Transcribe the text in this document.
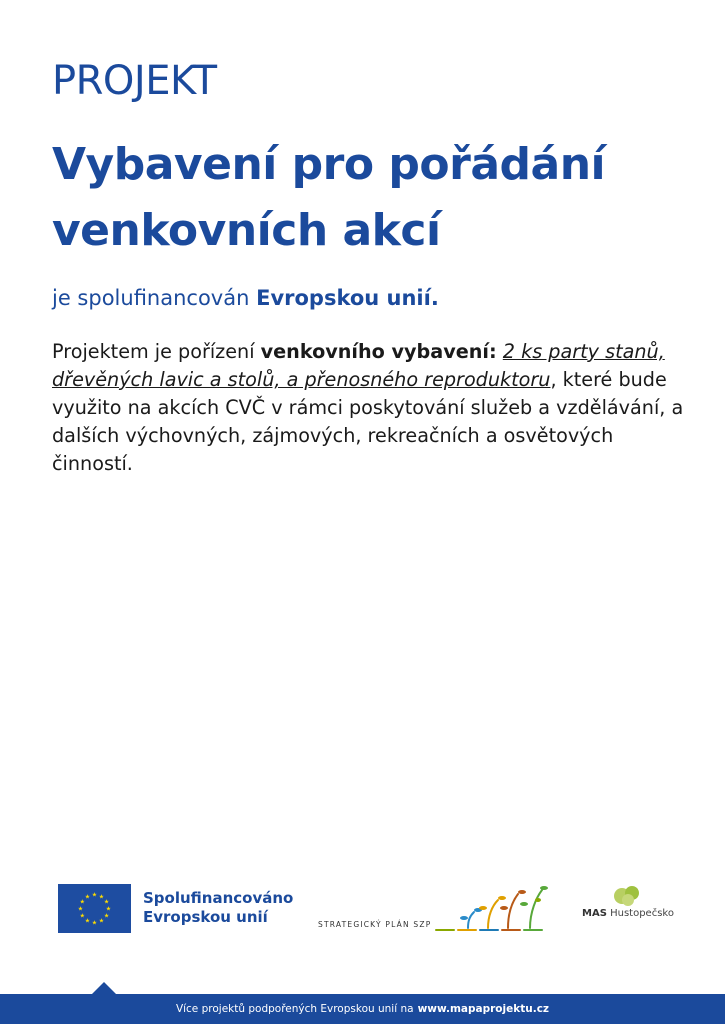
PROJEKT
Vybavení pro pořádání venkovních akcí
je spolufinancován Evropskou unií.
Projektem je pořízení venkovního vybavení: 2 ks party stanů, dřevěných lavic a stolů, a přenosného reproduktoru, které bude využito na akcích CVČ v rámci poskytování služeb a vzdělávání, a dalších výchovných, zájmových, rekreačních a osvětových činností.
★ ★
★
★
★
★
★
★
★
★
★
★	Spolufinancováno
Evropskou unií	STRATEGICKÝ PLÁN SZP
MAS Hustopečsko
Více projektů podpořených Evropskou unií na www.mapaprojektu.cz
